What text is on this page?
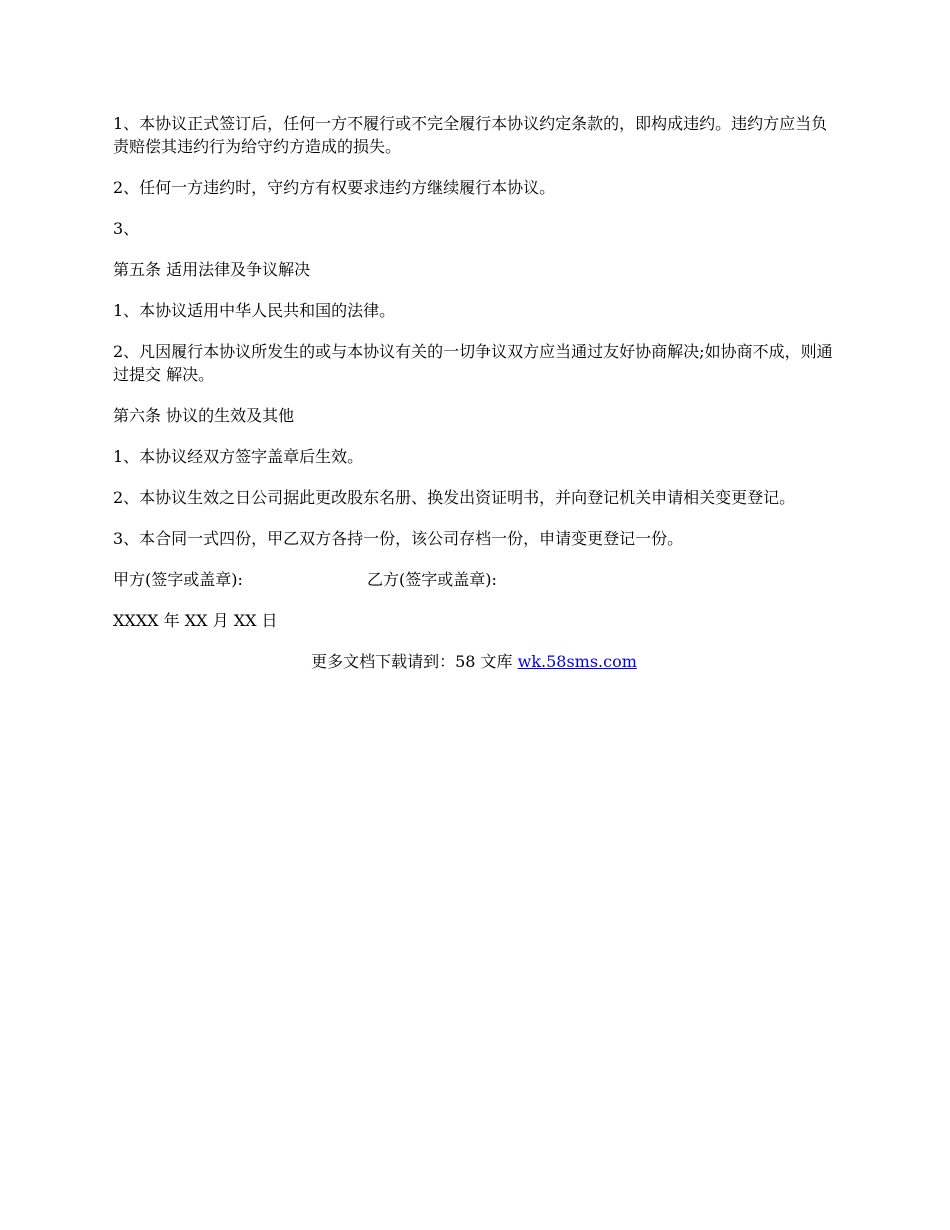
1、本协议正式签订后，任何一方不履行或不完全履行本协议约定条款的，即构成违约。违约方应当负责赔偿其违约行为给守约方造成的损失。

2、任何一方违约时，守约方有权要求违约方继续履行本协议。

3、

第五条 适用法律及争议解决

1、本协议适用中华人民共和国的法律。

2、凡因履行本协议所发生的或与本协议有关的一切争议双方应当通过友好协商解决;如协商不成，则通过提交 解决。

第六条 协议的生效及其他

1、本协议经双方签字盖章后生效。

2、本协议生效之日公司据此更改股东名册、换发出资证明书，并向登记机关申请相关变更登记。

3、本合同一式四份，甲乙双方各持一份，该公司存档一份，申请变更登记一份。

甲方(签字或盖章):	乙方(签字或盖章):

XXXX 年 XX 月 XX 日

更多文档下载请到：58 文库 wk.58sms.com
